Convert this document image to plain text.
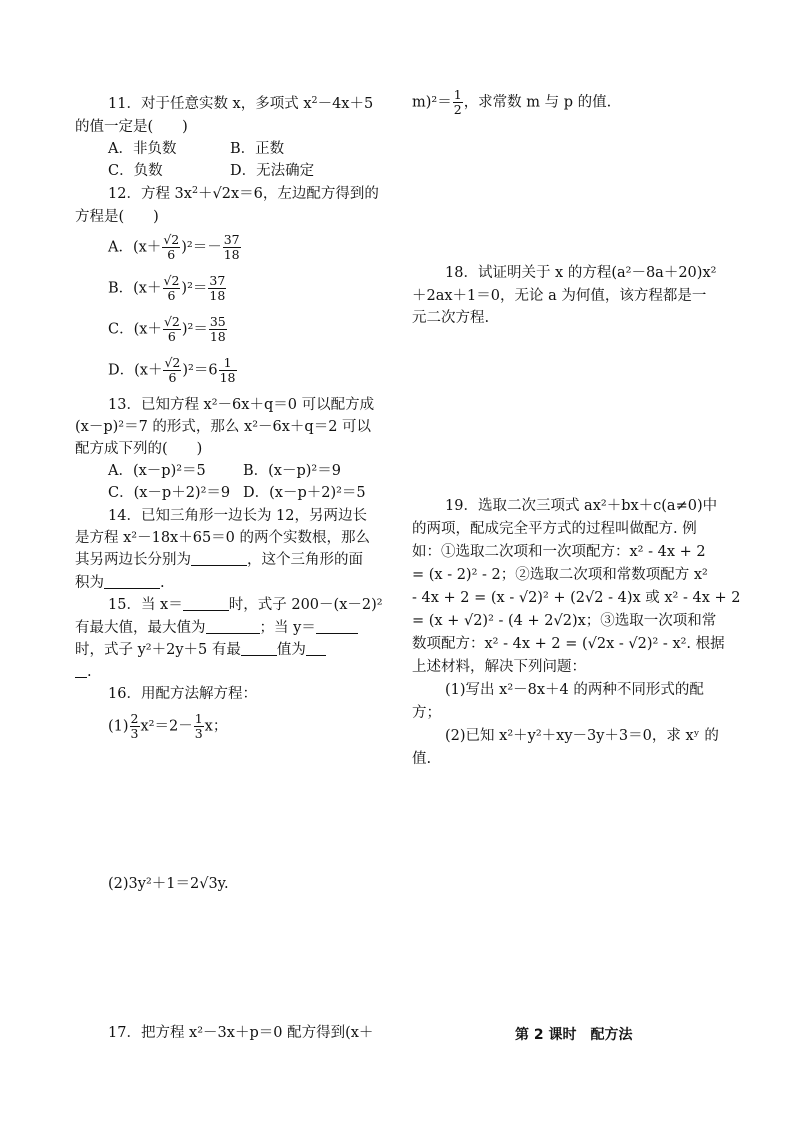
11．对于任意实数 x，多项式 $x^2-4x+5$
的值一定是(　　)
A．非负数	B．正数
C．负数	D．无法确定
12．方程 $3x^2+√2x=6$，左边配方得到的
方程是(　　)
A．$(x+ \frac{√2}{6} )^2=- \frac{37}{18}$
B．$(x+ \frac{√2}{6} )^2= \frac{37}{18}$
C．$(x+ \frac{√2}{6} )^2= \frac{35}{18}$
D．$(x+ \frac{√2}{6} )^2=6 \frac{1}{18}$
13．已知方程 x²－6x＋q＝0 可以配方成
(x－p)²＝7 的形式，那么 x²－6x＋q＝2 可以
配方成下列的(　　)
A．(x－p)²＝5	B．(x－p)²＝9
C．(x－p＋2)²＝9 D．(x－p＋2)²＝5
14．已知三角形一边长为 12，另两边长
是方程 x²－18x＋65＝0 的两个实数根，那么
其另两边长分别为	，这个三角形的面
积为	.
15．当 x＝	时，式子 200－(x－2)²
有最大值，最大值为	；当 y＝
时，式子 y²＋2y＋5 有最 值为
.
16．用配方法解方程：
$(1) \frac{2}{3} x^2=2- \frac{1}{3}$ x；
(2)3y²＋1＝2√3y.
17．把方程 x²－3x＋p＝0 配方得到(x＋
$m)^2= \frac{1}{2}$ ，求常数 m 与 p 的值.
18．试证明关于 x 的方程(a²－8a＋20)x²
＋2ax＋1＝0，无论 a 为何值，该方程都是一
元二次方程.
19．选取二次三项式 ax²＋bx＋c(a≠0)中
的两项，配成完全平方式的过程叫做配方. 例
如：①选取二次项和一次项配方：x² - 4x + 2
= (x - 2)² - 2；②选取二次项和常数项配方 x²
- 4x + 2 = (x - √2)² + (2√2 - 4)x 或 x² - 4x + 2
= (x + √2)² - (4 + 2√2)x；③选取一次项和常
数项配方：x² - 4x + 2 = (√2x - √2)² - x². 根据
上述材料，解决下列问题：
(1)写出 x²－8x＋4 的两种不同形式的配
方；
(2)已知 x²＋y²＋xy－3y＋3＝0，求 xʸ 的
值.
第 2 课时　配方法
